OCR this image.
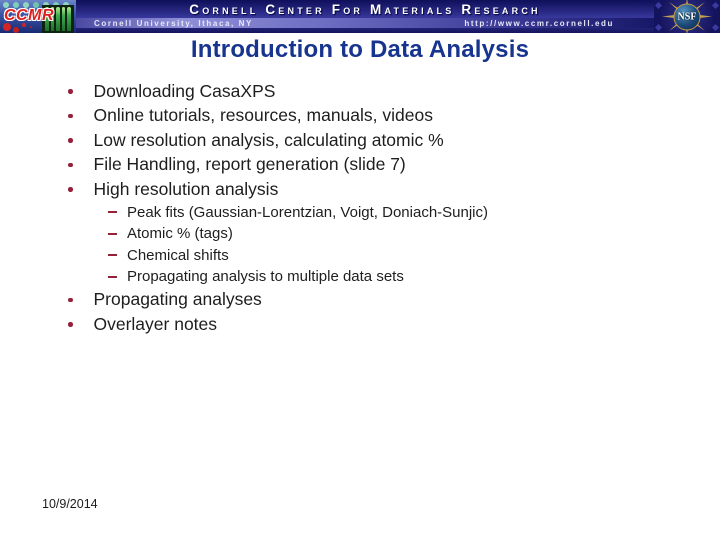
CCMR	Cornell Center For Materials Research
Cornell University, Ithaca, NY	http://www.ccmr.cornell.edu
NSF
Introduction to Data Analysis
Downloading CasaXPS
Online tutorials, resources, manuals, videos
Low resolution analysis, calculating atomic %
File Handling, report generation (slide 7)
High resolution analysis
Peak fits (Gaussian-Lorentzian, Voigt, Doniach-Sunjic)
Atomic % (tags)
Chemical shifts
Propagating analysis to multiple data sets
Propagating analyses
Overlayer notes
10/9/2014
